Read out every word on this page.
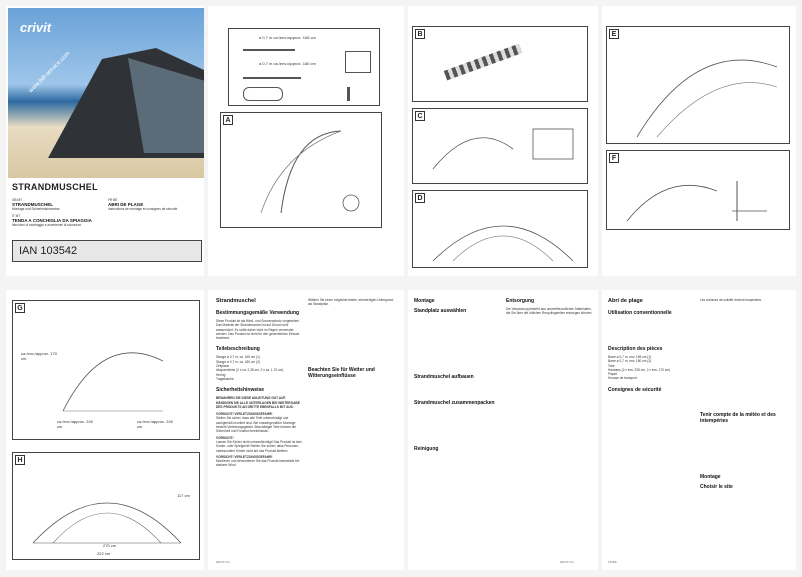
crivit
www.lidl-service.com
STRANDMUSCHEL
GB MT
STRANDMUSCHEL
Montage und Sicherheitshinweise
FR BE
ABRI DE PLAGE
Instructions de montage et consignes de sécurité
IT MT
TENDA A CONCHIGLIA DA SPIAGGIA
Istruzioni di montaggio e avvertenze di sicurezza
IAN 103542
a 0,7 m ca./env./approx. 165 cm
a 0,7 m ca./env./approx. 180 cm
A
B
C
D
E
F
G
ca./env./approx. 170 cm
ca./env./approx. 240 cm
ca./env./approx. 240 cm
H
117 cm
270 cm
222 cm
Strandmuschel
Bestimmungsgemäße Verwendung
Diese Produkt ist als Wind- und Sonnenschutz vorgesehen. Das Material der Strandmuschel ist auf Grund nicht wasserdicht. Es sollte daher nicht im Regen verwendet werden. Das Produkt ist nicht für den gewerblichen Einsatz bestimmt.
Teilebeschreibung
Stange ø 0,7 m, ca. 165 cm (1)
Stange ø 0,7 m, ca. 180 cm (2)
Zeltplane
Abspannleine (2 x ca. 2,35 cm, 2 x ca. 1,70 cm)
Hering
Tragetasche
Sicherheitshinweise
BEWAHREN SIE DIESE ANLEITUNG GUT AUF. HÄNDIGEN SIE ALLE UNTERLAGEN BEI WEITERGABE DES PRODUKTS AN DRITTE EBENFALLS MIT AUS.
VORSICHT! VERLETZUNGSGEFAHR!
Stellen Sie sicher, dass alle Teile unbeschädigt und sachgemäß montiert sind. Bei unsachgemäßer Montage besteht Verletzungsgefahr. Beschädigte Teile können die Sicherheit und Funktion beeinflussen.
VORSICHT!
Lassen Sie Kinder nicht unbeaufsichtigt! Das Produkt ist kein Kinder- oder Spielgerät! Stellen Sie sicher, dass Personen, insbesondere Kinder nicht auf das Produkt klettern.
VORSICHT! VERLETZUNGSGEFAHR!
Montieren und demontieren Sie das Produkt keinesfalls bei starkem Wind.
Wählen Sie einen möglichst festen, ebenerdigen Untergrund als Standplatz.
Beachten Sie für Wetter und Witterungseinflüsse
DE/AT/CH
Montage
Standplatz auswählen
Strandmuschel aufbauen
Strandmuschel zusammenpacken
Reinigung
Entsorgung
Die Verpackung besteht aus umweltfreundlichen Materialien, die Sie über die örtlichen Recyclingstellen entsorgen können.
DE/AT/CH
Abri de plage
Utilisation conventionnelle
Description des pièces
Barre ø 0,7 m, env. 165 cm (1)
Barre ø 0,7 m, env. 180 cm (2)
Toile
Haubans (2 x env. 235 cm, 2 x env. 170 cm)
Piquet
Housse de transport
Consignes de sécurité
Les surfaces de solidité doivent respectées.
Tenir compte de la météo et des intempéries
Montage
Choisir le site
FR/BE
